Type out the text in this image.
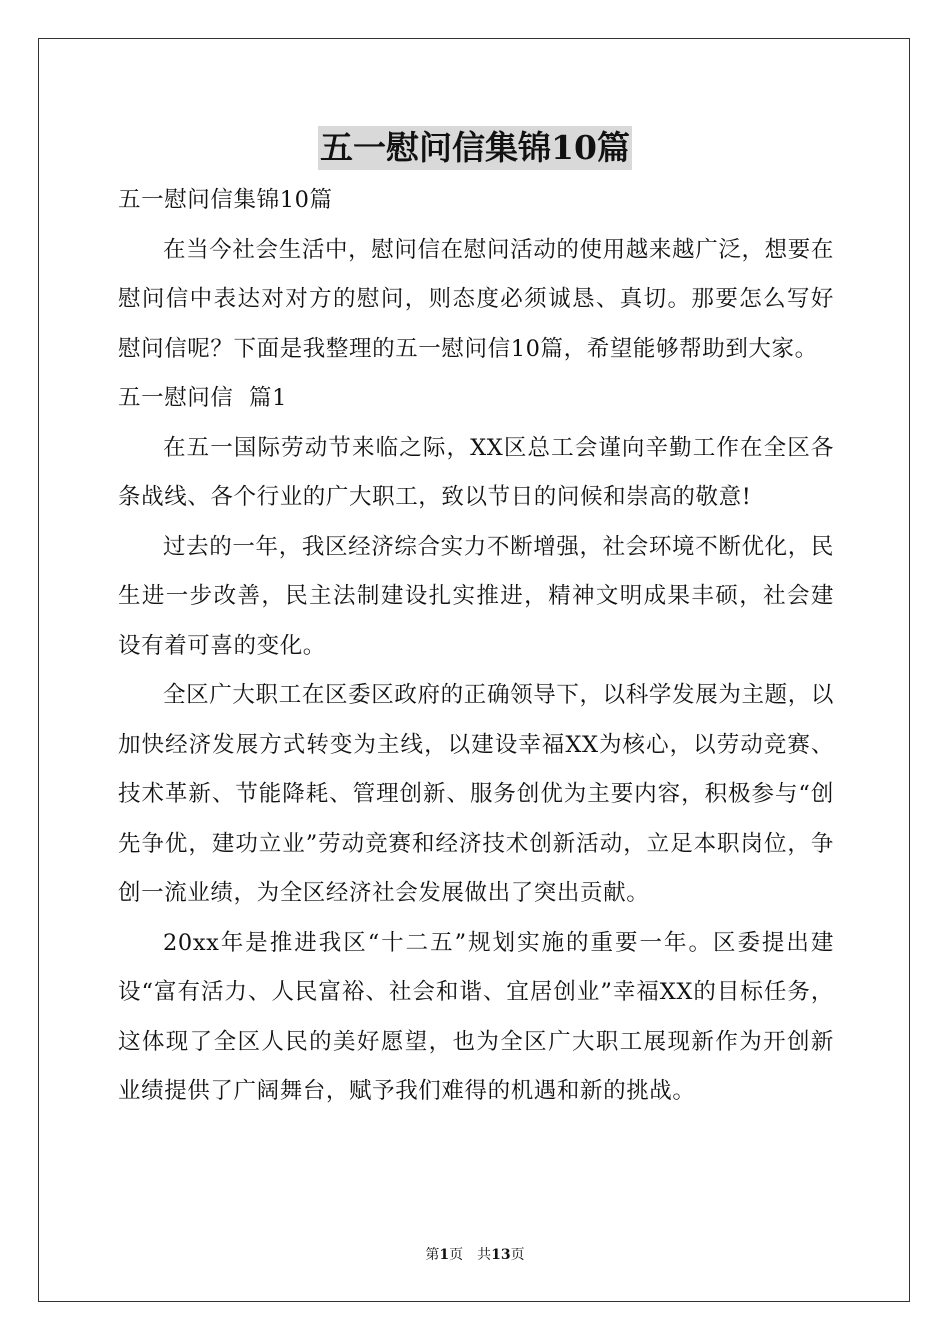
五一慰问信集锦10篇

五一慰问信集锦10篇

在当今社会生活中，慰问信在慰问活动的使用越来越广泛，想要在慰问信中表达对对方的慰问，则态度必须诚恳、真切。那要怎么写好慰问信呢？下面是我整理的五一慰问信10篇，希望能够帮助到大家。

五一慰问信  篇1

在五一国际劳动节来临之际，XX区总工会谨向辛勤工作在全区各条战线、各个行业的广大职工，致以节日的问候和崇高的敬意!

过去的一年，我区经济综合实力不断增强，社会环境不断优化，民生进一步改善，民主法制建设扎实推进，精神文明成果丰硕，社会建设有着可喜的变化。

全区广大职工在区委区政府的正确领导下，以科学发展为主题，以加快经济发展方式转变为主线，以建设幸福XX为核心，以劳动竞赛、技术革新、节能降耗、管理创新、服务创优为主要内容，积极参与“创先争优，建功立业”劳动竞赛和经济技术创新活动，立足本职岗位，争创一流业绩，为全区经济社会发展做出了突出贡献。

20xx年是推进我区“十二五”规划实施的重要一年。区委提出建设“富有活力、人民富裕、社会和谐、宜居创业”幸福XX的目标任务，这体现了全区人民的美好愿望，也为全区广大职工展现新作为开创新业绩提供了广阔舞台，赋予我们难得的机遇和新的挑战。

第1页　共13页
